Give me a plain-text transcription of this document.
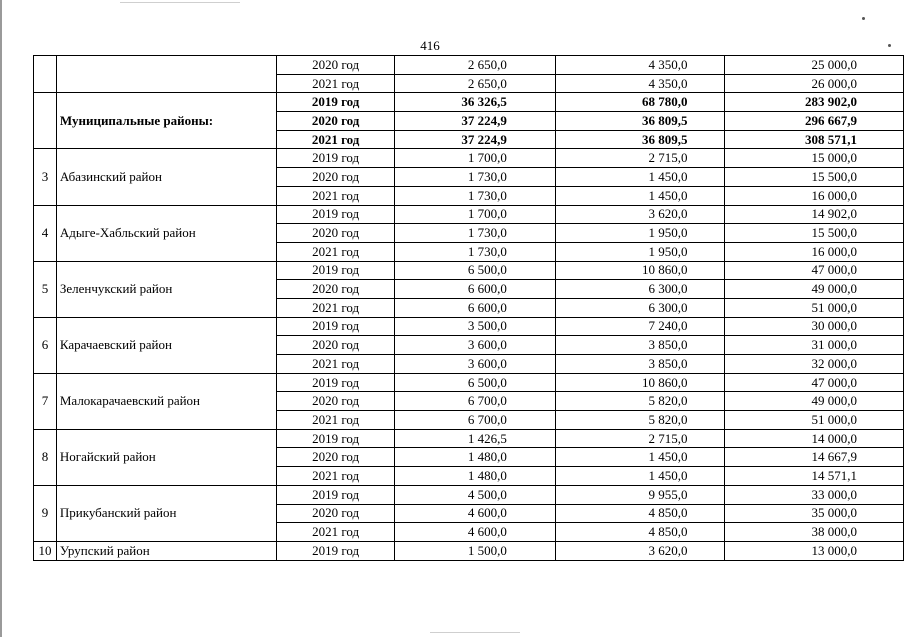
416
		2020 год	2 650,0	4 350,0	25 000,0
		2021 год	2 650,0	4 350,0	26 000,0
	Муниципальные районы:	2019 год	36 326,5	68 780,0	283 902,0
		2020 год	37 224,9	36 809,5	296 667,9
		2021 год	37 224,9	36 809,5	308 571,1
3	Абазинский район	2019 год	1 700,0	2 715,0	15 000,0
		2020 год	1 730,0	1 450,0	15 500,0
		2021 год	1 730,0	1 450,0	16 000,0
4	Адыге-Хабльский район	2019 год	1 700,0	3 620,0	14 902,0
		2020 год	1 730,0	1 950,0	15 500,0
		2021 год	1 730,0	1 950,0	16 000,0
5	Зеленчукский район	2019 год	6 500,0	10 860,0	47 000,0
		2020 год	6 600,0	6 300,0	49 000,0
		2021 год	6 600,0	6 300,0	51 000,0
6	Карачаевский район	2019 год	3 500,0	7 240,0	30 000,0
		2020 год	3 600,0	3 850,0	31 000,0
		2021 год	3 600,0	3 850,0	32 000,0
7	Малокарачаевский район	2019 год	6 500,0	10 860,0	47 000,0
		2020 год	6 700,0	5 820,0	49 000,0
		2021 год	6 700,0	5 820,0	51 000,0
8	Ногайский район	2019 год	1 426,5	2 715,0	14 000,0
		2020 год	1 480,0	1 450,0	14 667,9
		2021 год	1 480,0	1 450,0	14 571,1
9	Прикубанский район	2019 год	4 500,0	9 955,0	33 000,0
		2020 год	4 600,0	4 850,0	35 000,0
		2021 год	4 600,0	4 850,0	38 000,0
10	Урупский район	2019 год	1 500,0	3 620,0	13 000,0
